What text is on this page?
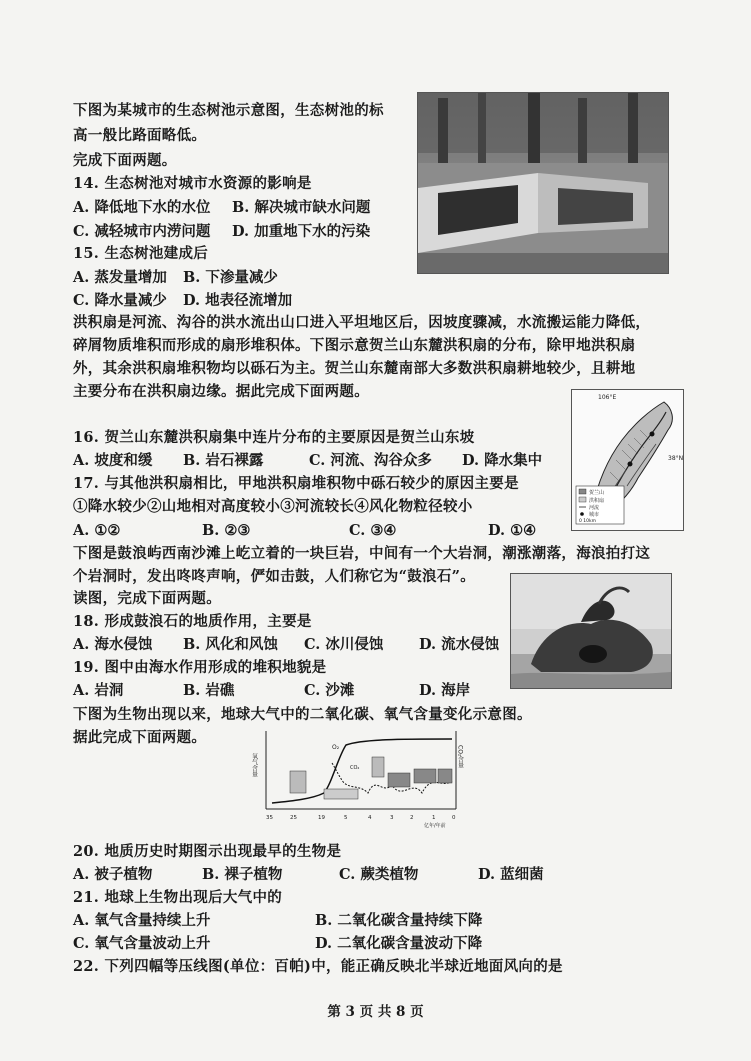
下图为某城市的生态树池示意图，生态树池的标
高一般比路面略低。
完成下面两题。
14. 生态树池对城市水资源的影响是
A. 降低地下水的水位 B. 解决城市缺水问题
C. 减轻城市内涝问题 D. 加重地下水的污染
15. 生态树池建成后
A. 蒸发量增加 B. 下渗量减少
C. 降水量减少 D. 地表径流增加
洪积扇是河流、沟谷的洪水流出山口进入平坦地区后，因坡度骤减，水流搬运能力降低，
碎屑物质堆积而形成的扇形堆积体。下图示意贺兰山东麓洪积扇的分布，除甲地洪积扇
外，其余洪积扇堆积物均以砾石为主。贺兰山东麓南部大多数洪积扇耕地较少，且耕地
主要分布在洪积扇边缘。据此完成下面两题。	106°E
38°N
贺兰山
洪积扇
河流
城市
0 10km
16. 贺兰山东麓洪积扇集中连片分布的主要原因是贺兰山东坡
A. 坡度和缓 B. 岩石裸露	C. 河流、沟谷众多 D. 降水集中
17. 与其他洪积扇相比，甲地洪积扇堆积物中砾石较少的原因主要是
①降水较少②山地相对高度较小③河流较长④风化物粒径较小
A. ①②	B. ②③	C. ③④	D. ①④
下图是鼓浪屿西南沙滩上屹立着的一块巨岩，中间有一个大岩洞，潮涨潮落，海浪拍打这
个岩洞时，发出咚咚声响，俨如击鼓，人们称它为“鼓浪石”。
读图，完成下面两题。
18. 形成鼓浪石的地质作用，主要是
A. 海水侵蚀 B. 风化和风蚀 C. 冰川侵蚀 D. 流水侵蚀
19. 图中由海水作用形成的堆积地貌是
A. 岩洞	B. 岩礁	C. 沙滩	D. 海岸
下图为生物出现以来，地球大气中的二氧化碳、氧气含量变化示意图。
据此完成下面两题。
氧气含量	CO₂含量
O₂
CO₂
35	25	19	5	4	3	2	1	0
亿年/年前
20. 地质历史时期图示出现最早的生物是
A. 被子植物	B. 裸子植物	C. 蕨类植物	D. 蓝细菌
21. 地球上生物出现后大气中的
A. 氧气含量持续上升	B. 二氧化碳含量持续下降
C. 氧气含量波动上升	D. 二氧化碳含量波动下降
22. 下列四幅等压线图(单位：百帕)中，能正确反映北半球近地面风向的是
第 3 页 共 8 页
